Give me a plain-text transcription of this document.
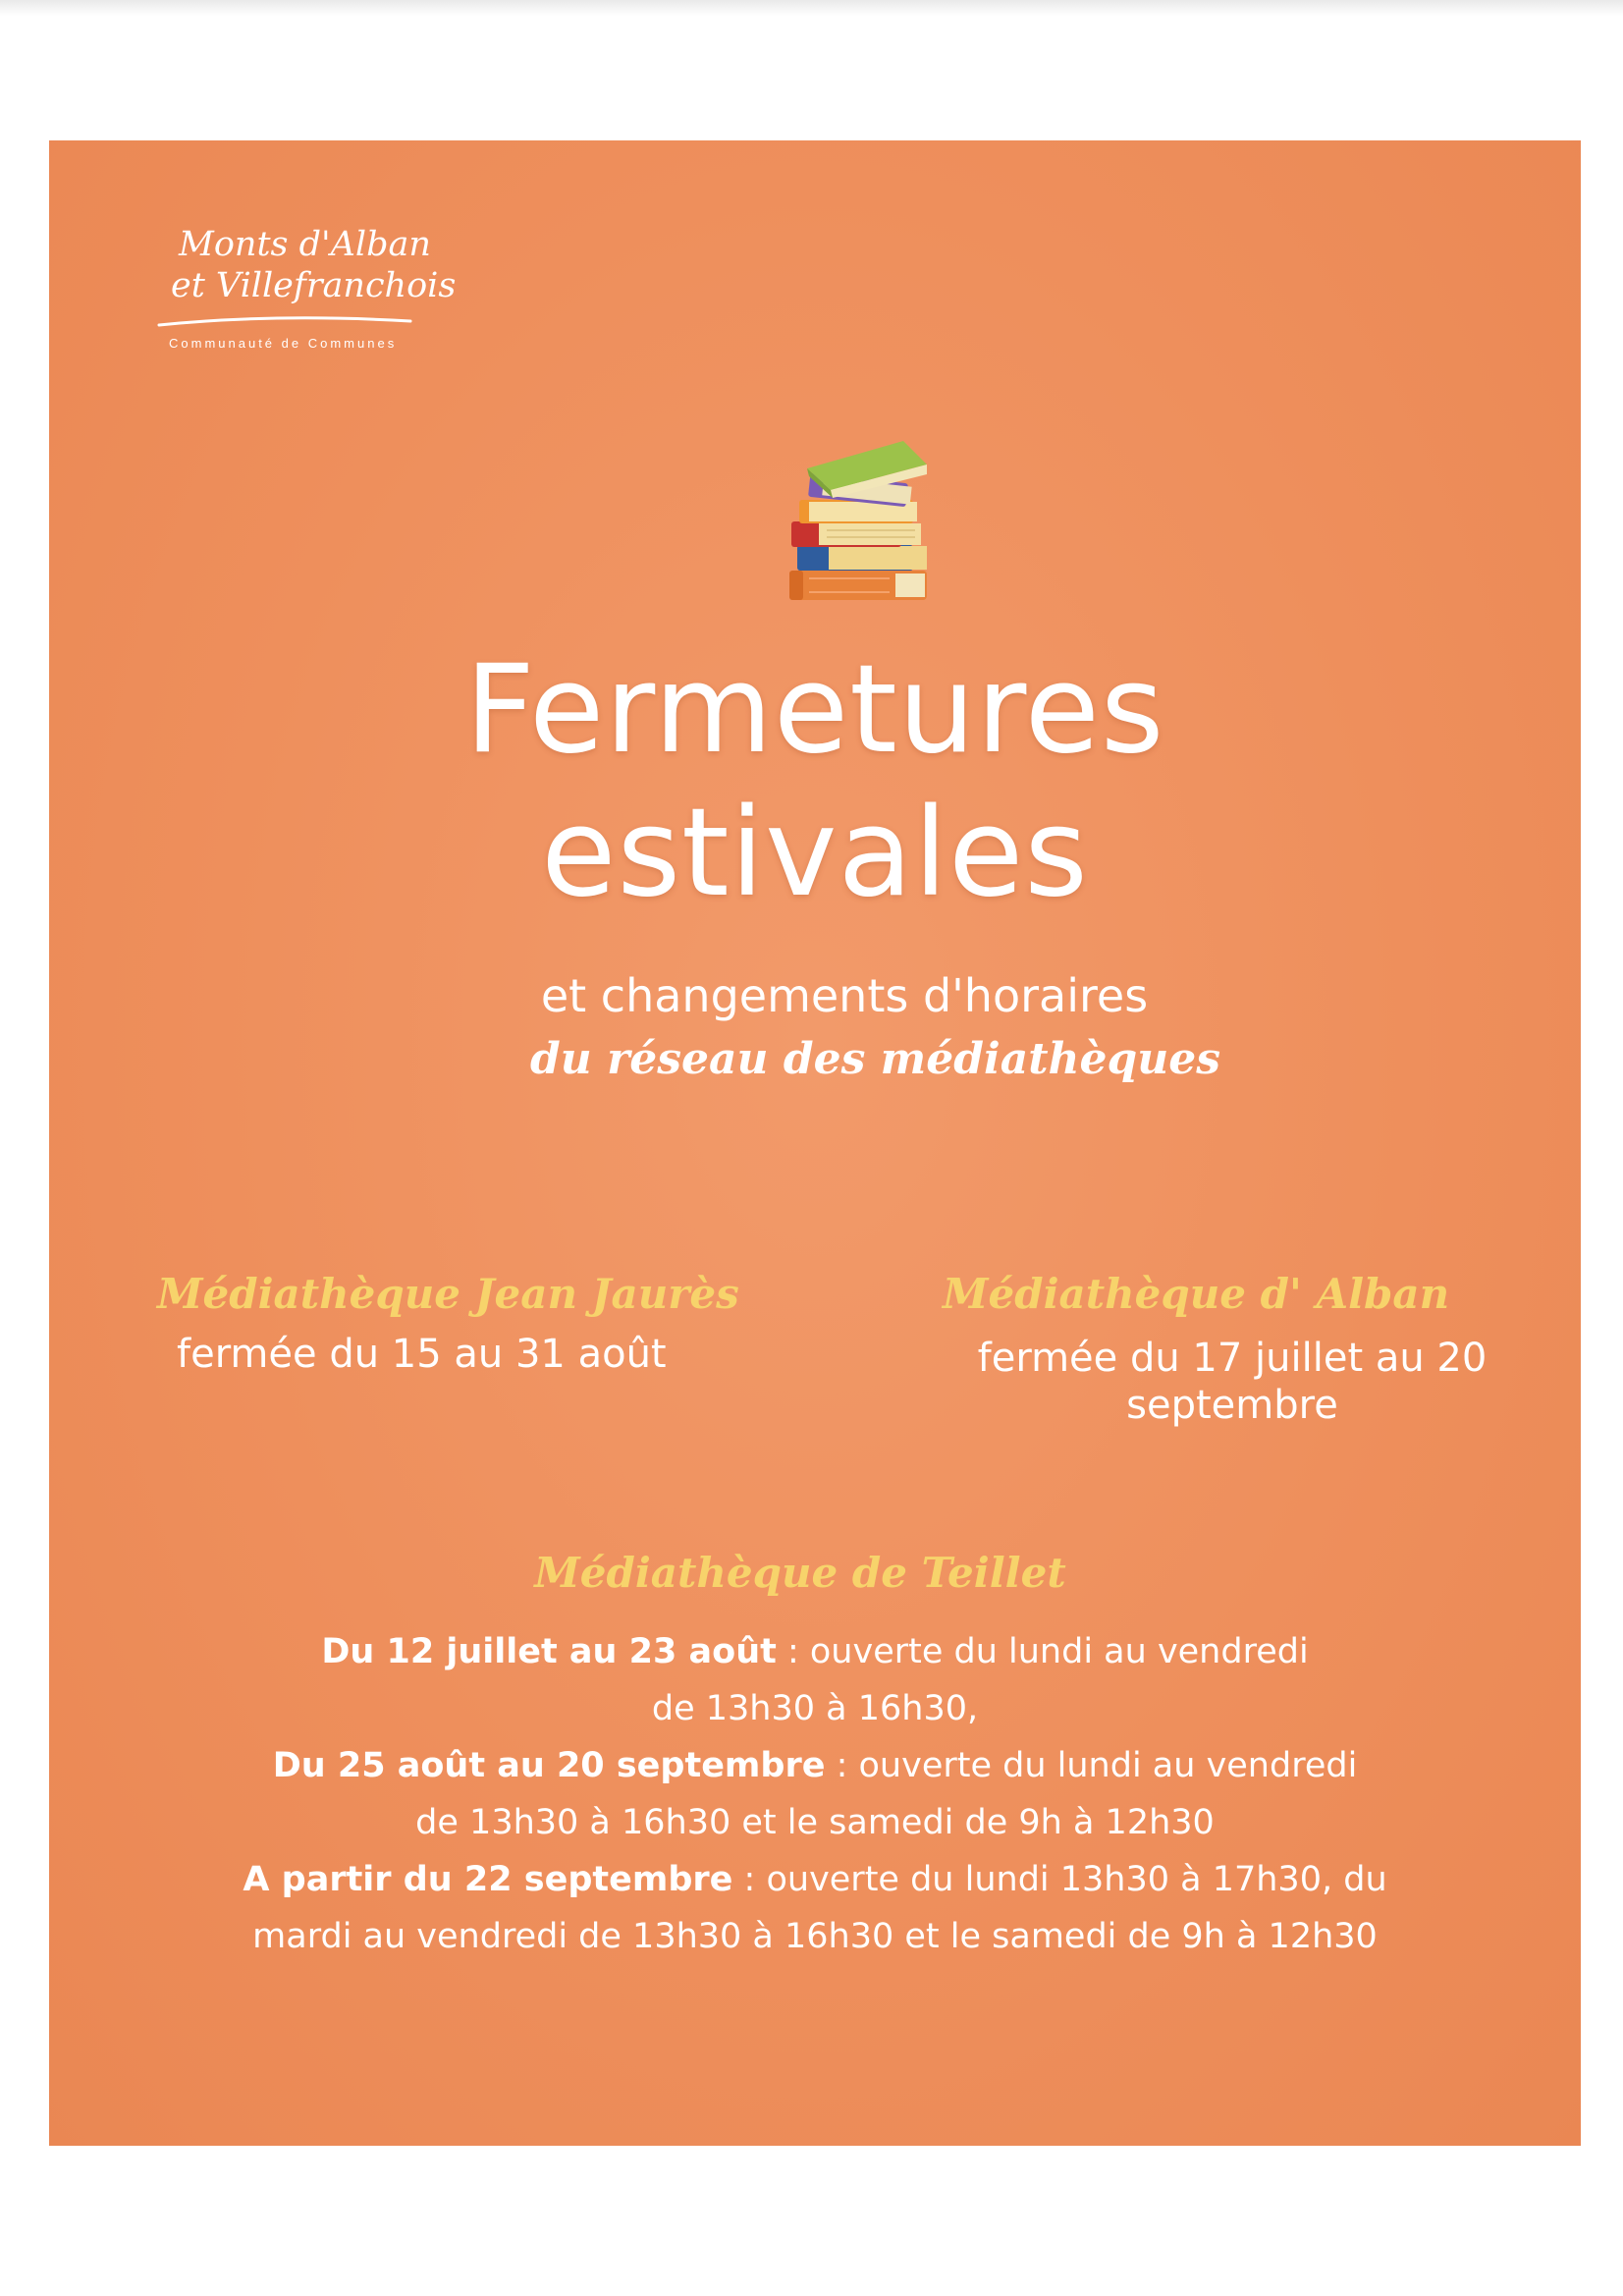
Monts d'Alban
et Villefranchois
Communauté de Communes
Fermetures
estivales
et changements d'horaires
du réseau des médiathèques
Médiathèque Jean Jaurès
fermée du 15 au 31 août
Médiathèque d' Alban
fermée du 17 juillet au 20 septembre
Médiathèque de Teillet
Du 12 juillet au 23 août : ouverte du lundi au vendredi
de 13h30 à 16h30,
Du 25 août au 20 septembre : ouverte du lundi au vendredi
de 13h30 à 16h30 et le samedi de 9h à 12h30
A partir du 22 septembre : ouverte du lundi 13h30 à 17h30, du
mardi au vendredi de 13h30 à 16h30 et le samedi de 9h à 12h30
